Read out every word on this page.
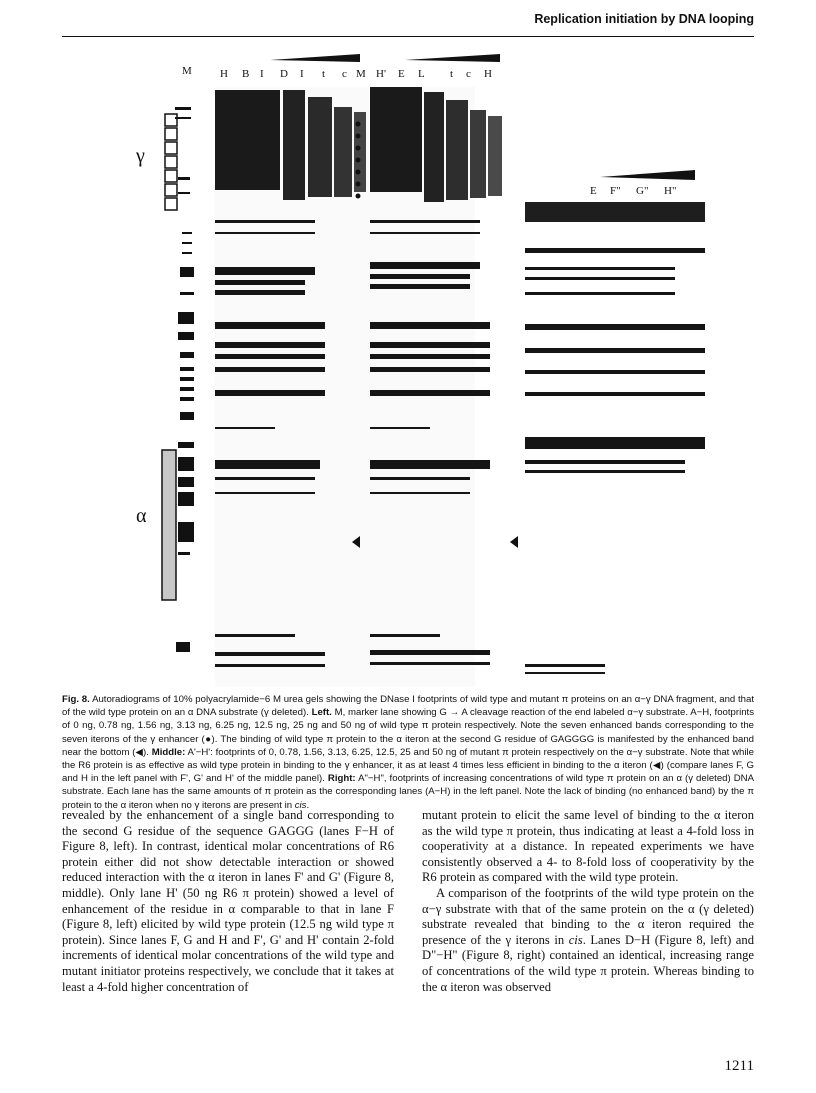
Replication initiation by DNA looping
γ
α
M	H B I D I t c M H' E L t c H
E F" G" H"
Fig. 8. Autoradiograms of 10% polyacrylamide−6 M urea gels showing the DNase I footprints of wild type and mutant π proteins on an α−γ DNA fragment, and that of the wild type protein on an α DNA substrate (γ deleted). Left. M, marker lane showing G → A cleavage reaction of the end labeled α−γ substrate. A−H, footprints of 0 ng, 0.78 ng, 1.56 ng, 3.13 ng, 6.25 ng, 12.5 ng, 25 ng and 50 ng of wild type π protein respectively. Note the seven enhanced bands corresponding to the seven iterons of the γ enhancer (●). The binding of wild type π protein to the α iteron at the second G residue of GAGGGG is manifested by the enhanced band near the bottom (◀). Middle: A'−H': footprints of 0, 0.78, 1.56, 3.13, 6.25, 12.5, 25 and 50 ng of mutant π protein respectively on the α−γ substrate. Note that while the R6 protein is as effective as wild type protein in binding to the γ enhancer, it as at least 4 times less efficient in binding to the α iteron (◀) (compare lanes F, G and H in the left panel with F', G' and H' of the middle panel). Right: A"−H", footprints of increasing concentrations of wild type π protein on an α (γ deleted) DNA substrate. Each lane has the same amounts of π protein as the corresponding lanes (A−H) in the left panel. Note the lack of binding (no enhanced band) by the π protein to the α iteron when no γ iterons are present in cis.

revealed by the enhancement of a single band corresponding to the second G residue of the sequence GAGGG (lanes F−H of Figure 8, left). In contrast, identical molar concentrations of R6 protein either did not show detectable interaction or showed reduced interaction with the α iteron in lanes F' and G' (Figure 8, middle). Only lane H' (50 ng R6 π protein) showed a level of enhancement of the residue in α comparable to that in lane F (Figure 8, left) elicited by wild type protein (12.5 ng wild type π protein). Since lanes F, G and H and F', G' and H' contain 2-fold increments of identical molar concentrations of the wild type and mutant initiator proteins respectively, we conclude that it takes at least a 4-fold higher concentration of

mutant protein to elicit the same level of binding to the α iteron as the wild type π protein, thus indicating at least a 4-fold loss in cooperativity at a distance. In repeated experiments we have consistently observed a 4- to 8-fold loss of cooperativity by the R6 protein as compared with the wild type protein.

A comparison of the footprints of the wild type protein on the α−γ substrate with that of the same protein on the α (γ deleted) substrate revealed that binding to the α iteron required the presence of the γ iterons in cis. Lanes D−H (Figure 8, left) and D"−H" (Figure 8, right) contained an identical, increasing range of concentrations of the wild type π protein. Whereas binding to the α iteron was observed

1211
